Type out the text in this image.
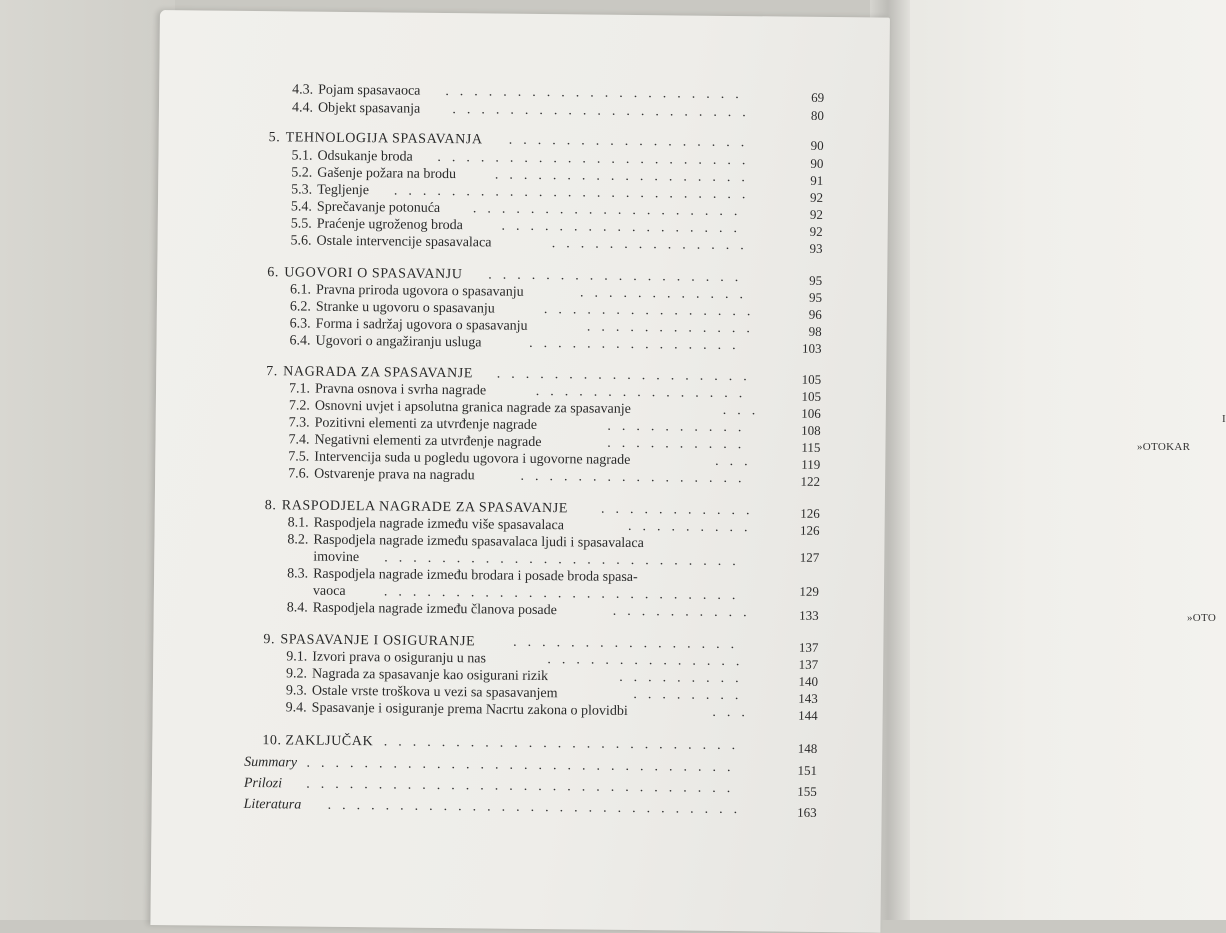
I
»OTOKAR
»OTO
4.3. Pojam spasavaoca .....................	69
4.4. Objekt spasavanja .....................	80
5. TEHNOLOGIJA SPASAVANJA .................	90
5.1. Odsukanje broda ......................	90
5.2. Gašenje požara na brodu	..................	91
5.3. Tegljenje .........................	92
5.4. Sprečavanje potonuća ...................	92
5.5. Praćenje ugroženog broda	.................	92
5.6. Ostale intervencije spasavalaca	..............	93
6. UGOVORI O SPASAVANJU ..................	95
6.1. Pravna priroda ugovora o spasavanju	............	95
6.2. Stranke u ugovoru o spasavanju	...............	96
6.3. Forma i sadržaj ugovora o spasavanju	............	98
6.4. Ugovori o angažiranju usluga	...............	103
7. NAGRADA ZA SPASAVANJE ..................	105
7.1. Pravna osnova i svrha nagrade	...............	105
7.2. Osnovni uvjet i apsolutna granica nagrade za spasavanje	...	106
7.3. Pozitivni elementi za utvrđenje nagrade	..........	108
7.4. Negativni elementi za utvrđenje nagrade	..........	115
7.5. Intervencija suda u pogledu ugovora i ugovorne nagrade	...	119
7.6. Ostvarenje prava na nagradu	................	122
8. RASPODJELA NAGRADE ZA SPASAVANJE ...........	126
8.1. Raspodjela nagrade između više spasavalaca	.........	126
8.2. Raspodjela nagrade između spasavalaca ljudi i spasavalaca
.........................
imovine	127
8.3. Raspodjela nagrade između brodara i posade broda spasa-
.........................
vaoca	129
8.4. Raspodjela nagrade između članova posade	..........	133
9. SPASAVANJE I OSIGURANJE	................	137
9.1. Izvori prava o osiguranju u nas	..............	137
9.2. Nagrada za spasavanje kao osigurani rizik	.........	140
9.3. Ostale vrste troškova u vezi sa spasavanjem	........	143
9.4. Spasavanje i osiguranje prema Nacrtu zakona o plovidbi	...	144
10. ZAKLJUČAK .........................	148
Summary ..............................	151
Prilozi ..............................	155
Literatura .............................	163
